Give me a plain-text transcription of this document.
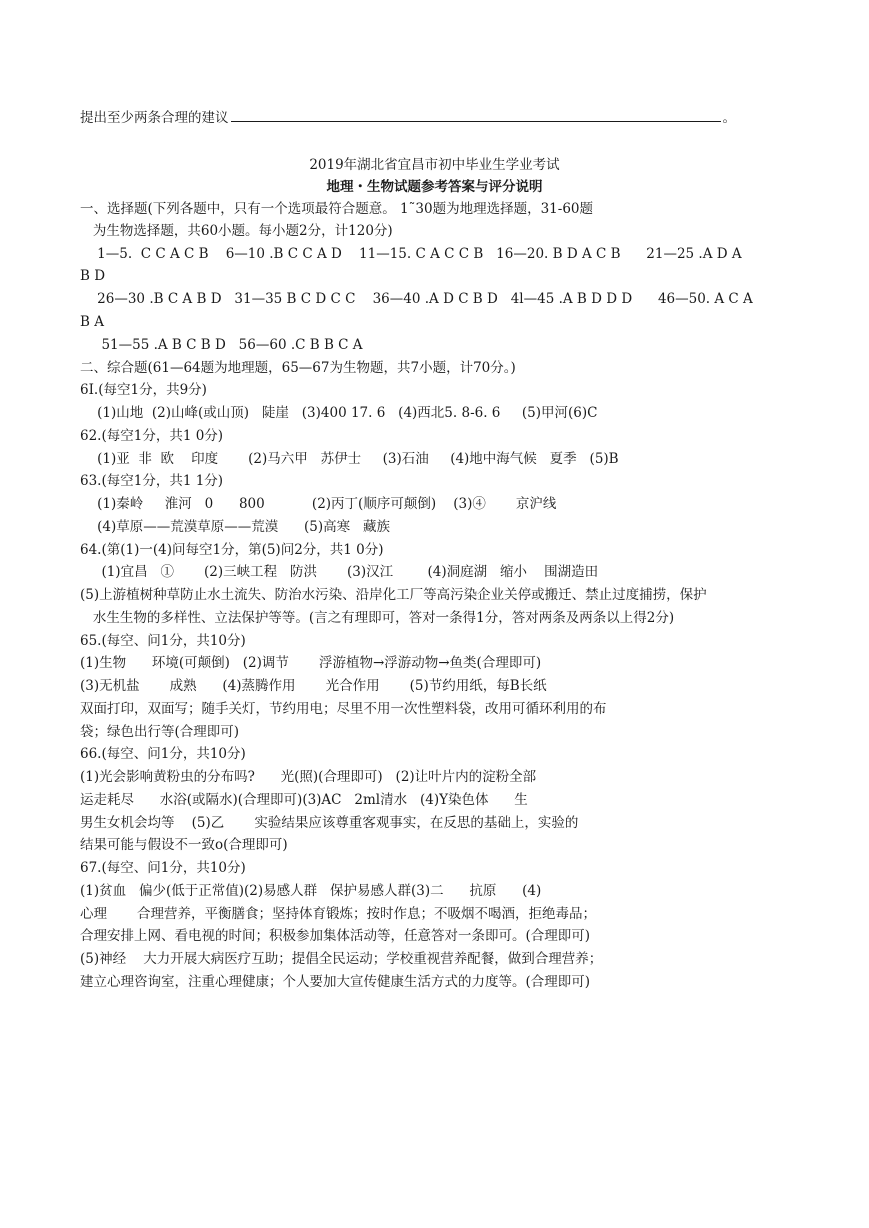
提出至少两条合理的建议	。
2019年湖北省宜昌市初中毕业生学业考试
地理・生物试题参考答案与评分说明
一、选择题(下列各题中，只有一个选项最符合题意。 1˜30题为地理选择题，31-60题
为生物选择题，共60小题。每小题2分，计120分)
1—5.  C C A C B    6—10 .B C C A D    11—15. C A C C B   16—20. B D A C B      21—25 .A D A
B D
26—30 .B C A B D   31—35 B C D C C    36—40 .A D C B D   4l—45 .A B D D D      46—50. A C A
B A
51—55 .A B C B D   56—60 .C B B C A
二、综合题(61—64题为地理题，65—67为生物题，共7小题，计70分。)
6I.(每空1分，共9分)
(1)山地  (2)山峰(或山顶)   陡崖   (3)400 17. 6   (4)西北5. 8-6. 6     (5)甲河(6)C
62.(每空1分，共1 0分)
(1)亚  非  欧    印度       (2)马六甲   苏伊士     (3)石油     (4)地中海气候   夏季   (5)B
63.(每空1分，共1 1分)
(1)秦岭     淮河   0      800           (2)丙丁(顺序可颠倒)    (3)④       京沪线
(4)草原——荒漠草原——荒漠      (5)高寒   藏族
64.(第(1)一(4)问每空1分，第(5)问2分，共1 0分)
(1)宜昌   ①       (2)三峡工程   防洪       (3)汉江        (4)洞庭湖   缩小    围湖造田
(5)上游植树种草防止水土流失、防治水污染、沿岸化工厂等高污染企业关停或搬迁、禁止过度捕捞，保护
水生生物的多样性、立法保护等等。(言之有理即可，答对一条得1分，答对两条及两条以上得2分)
65.(每空、问1分，共10分)
(1)生物      环境(可颠倒)   (2)调节       浮游植物→浮游动物→鱼类(合理即可)
(3)无机盐       成熟      (4)蒸腾作用       光合作用       (5)节约用纸，每B长纸
双面打印，双面写；随手关灯，节约用电；尽里不用一次性塑料袋，改用可循环利用的布
袋；绿色出行等(合理即可)
66.(每空、问1分，共10分)
(1)光会影响黄粉虫的分布吗?      光(照)(合理即可)   (2)让叶片内的淀粉全部
运走耗尽      水浴(或隔水)(合理即可)(3)AC   2ml清水   (4)Y染色体      生
男生女机会均等    (5)乙       实验结果应该尊重客观事实，在反思的基础上，实验的
结果可能与假设不一致o(合理即可)
67.(每空、问1分，共10分)
(1)贫血   偏少(低于正常值)(2)易感人群   保护易感人群(3)二      抗原      (4)
心理       合理营养，平衡膳食；坚持体育锻炼；按时作息；不吸烟不喝酒，拒绝毒品；
合理安排上网、看电视的时间；积极参加集体活动等，任意答对一条即可。(合理即可)
(5)神经    大力开展大病医疗互助；提倡全民运动；学校重视营养配餐，做到合理营养；
建立心理咨询室，注重心理健康；个人要加大宣传健康生活方式的力度等。(合理即可)
